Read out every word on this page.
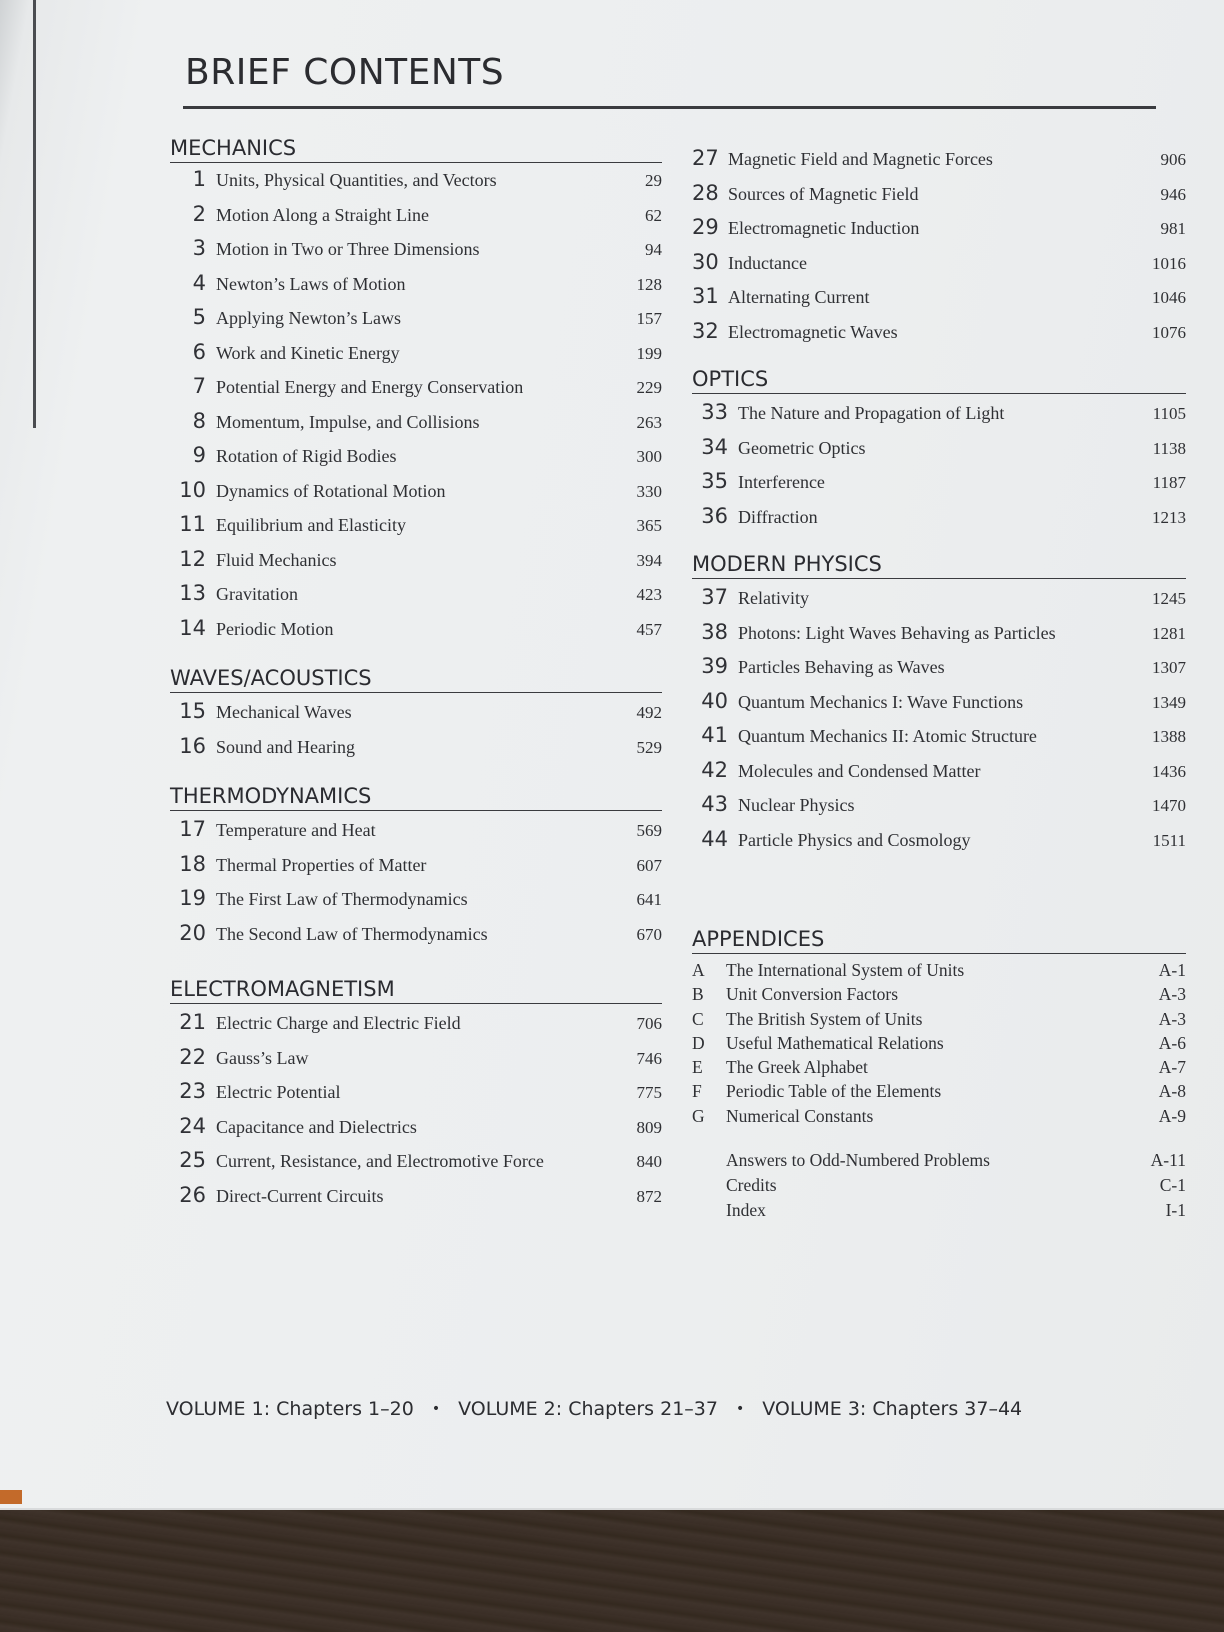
BRIEF CONTENTS
MECHANICS
1 Units, Physical Quantities, and Vectors	29
2 Motion Along a Straight Line	62
3 Motion in Two or Three Dimensions	94
4 Newton’s Laws of Motion	128
5 Applying Newton’s Laws	157
6 Work and Kinetic Energy	199
7 Potential Energy and Energy Conservation	229
8 Momentum, Impulse, and Collisions	263
9 Rotation of Rigid Bodies	300
10 Dynamics of Rotational Motion	330
11 Equilibrium and Elasticity	365
12 Fluid Mechanics	394
13 Gravitation	423
14 Periodic Motion	457
WAVES/ACOUSTICS
15 Mechanical Waves	492
16 Sound and Hearing	529
THERMODYNAMICS
17 Temperature and Heat	569
18 Thermal Properties of Matter	607
19 The First Law of Thermodynamics	641
20 The Second Law of Thermodynamics	670
ELECTROMAGNETISM
21 Electric Charge and Electric Field	706
22 Gauss’s Law	746
23 Electric Potential	775
24 Capacitance and Dielectrics	809
25 Current, Resistance, and Electromotive Force	840
26 Direct-Current Circuits	872
27 Magnetic Field and Magnetic Forces	906
28 Sources of Magnetic Field	946
29 Electromagnetic Induction	981
30 Inductance	1016
31 Alternating Current	1046
32 Electromagnetic Waves	1076
OPTICS
33 The Nature and Propagation of Light	1105
34 Geometric Optics	1138
35 Interference	1187
36 Diffraction	1213
MODERN PHYSICS
37 Relativity	1245
38 Photons: Light Waves Behaving as Particles	1281
39 Particles Behaving as Waves	1307
40 Quantum Mechanics I: Wave Functions	1349
41 Quantum Mechanics II: Atomic Structure	1388
42 Molecules and Condensed Matter	1436
43 Nuclear Physics	1470
44 Particle Physics and Cosmology	1511
APPENDICES
A	The International System of Units	A-1
B	Unit Conversion Factors	A-3
C	The British System of Units	A-3
D	Useful Mathematical Relations	A-6
E	The Greek Alphabet	A-7
F	Periodic Table of the Elements	A-8
G	Numerical Constants	A-9
Answers to Odd-Numbered Problems	A-11
Credits	C-1
Index	I-1

VOLUME 1: Chapters 1–20 • VOLUME 2: Chapters 21–37 • VOLUME 3: Chapters 37–44
